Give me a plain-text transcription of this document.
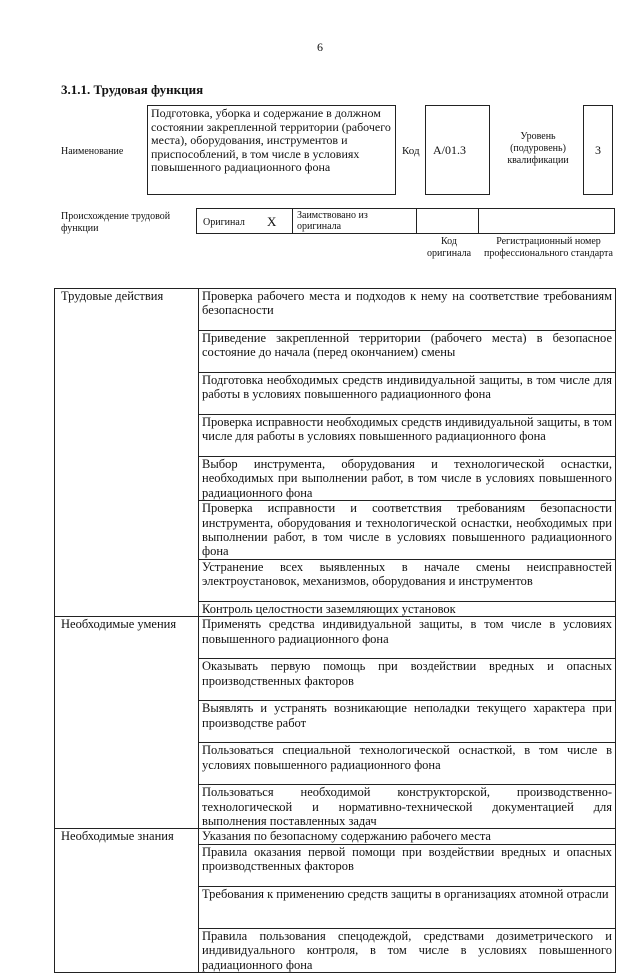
6
3.1.1. Трудовая функция
Наименование
Подготовка, уборка и содержание в должном состоянии закрепленной территории (рабочего места), оборудования, инструментов и приспособлений, в том числе в условиях повышенного радиационного фона
Код	A/01.3
Уровень (подуровень) квалификации
3
Происхождение трудовой функции
Оригинал X	Заимствовано из оригинала
Код оригинала
Регистрационный номер профессионального стандарта
Трудовые действия	Проверка рабочего места и подходов к нему на соответствие требованиям безопасности
	Приведение закрепленной территории (рабочего места) в безопасное состояние до начала (перед окончанием) смены
	Подготовка необходимых средств индивидуальной защиты, в том числе для работы в условиях повышенного радиационного фона
	Проверка исправности необходимых средств индивидуальной защиты, в том числе для работы в условиях повышенного радиационного фона
	Выбор инструмента, оборудования и технологической оснастки, необходимых при выполнении работ, в том числе в условиях повышенного радиационного фона
	Проверка исправности и соответствия требованиям безопасности инструмента, оборудования и технологической оснастки, необходимых при выполнении работ, в том числе в условиях повышенного радиационного фона
	Устранение всех выявленных в начале смены неисправностей электроустановок, механизмов, оборудования и инструментов
	Контроль целостности заземляющих установок
Необходимые умения	Применять средства индивидуальной защиты, в том числе в условиях повышенного радиационного фона
	Оказывать первую помощь при воздействии вредных и опасных производственных факторов
	Выявлять и устранять возникающие неполадки текущего характера при производстве работ
	Пользоваться специальной технологической оснасткой, в том числе в условиях повышенного радиационного фона
	Пользоваться необходимой конструкторской, производственно-технологической и нормативно-технической документацией для выполнения поставленных задач
Необходимые знания	Указания по безопасному содержанию рабочего места
	Правила оказания первой помощи при воздействии вредных и опасных производственных факторов
	Требования к применению средств защиты в организациях атомной отрасли
	Правила пользования спецодеждой, средствами дозиметрического и индивидуального контроля, в том числе в условиях повышенного радиационного фона
